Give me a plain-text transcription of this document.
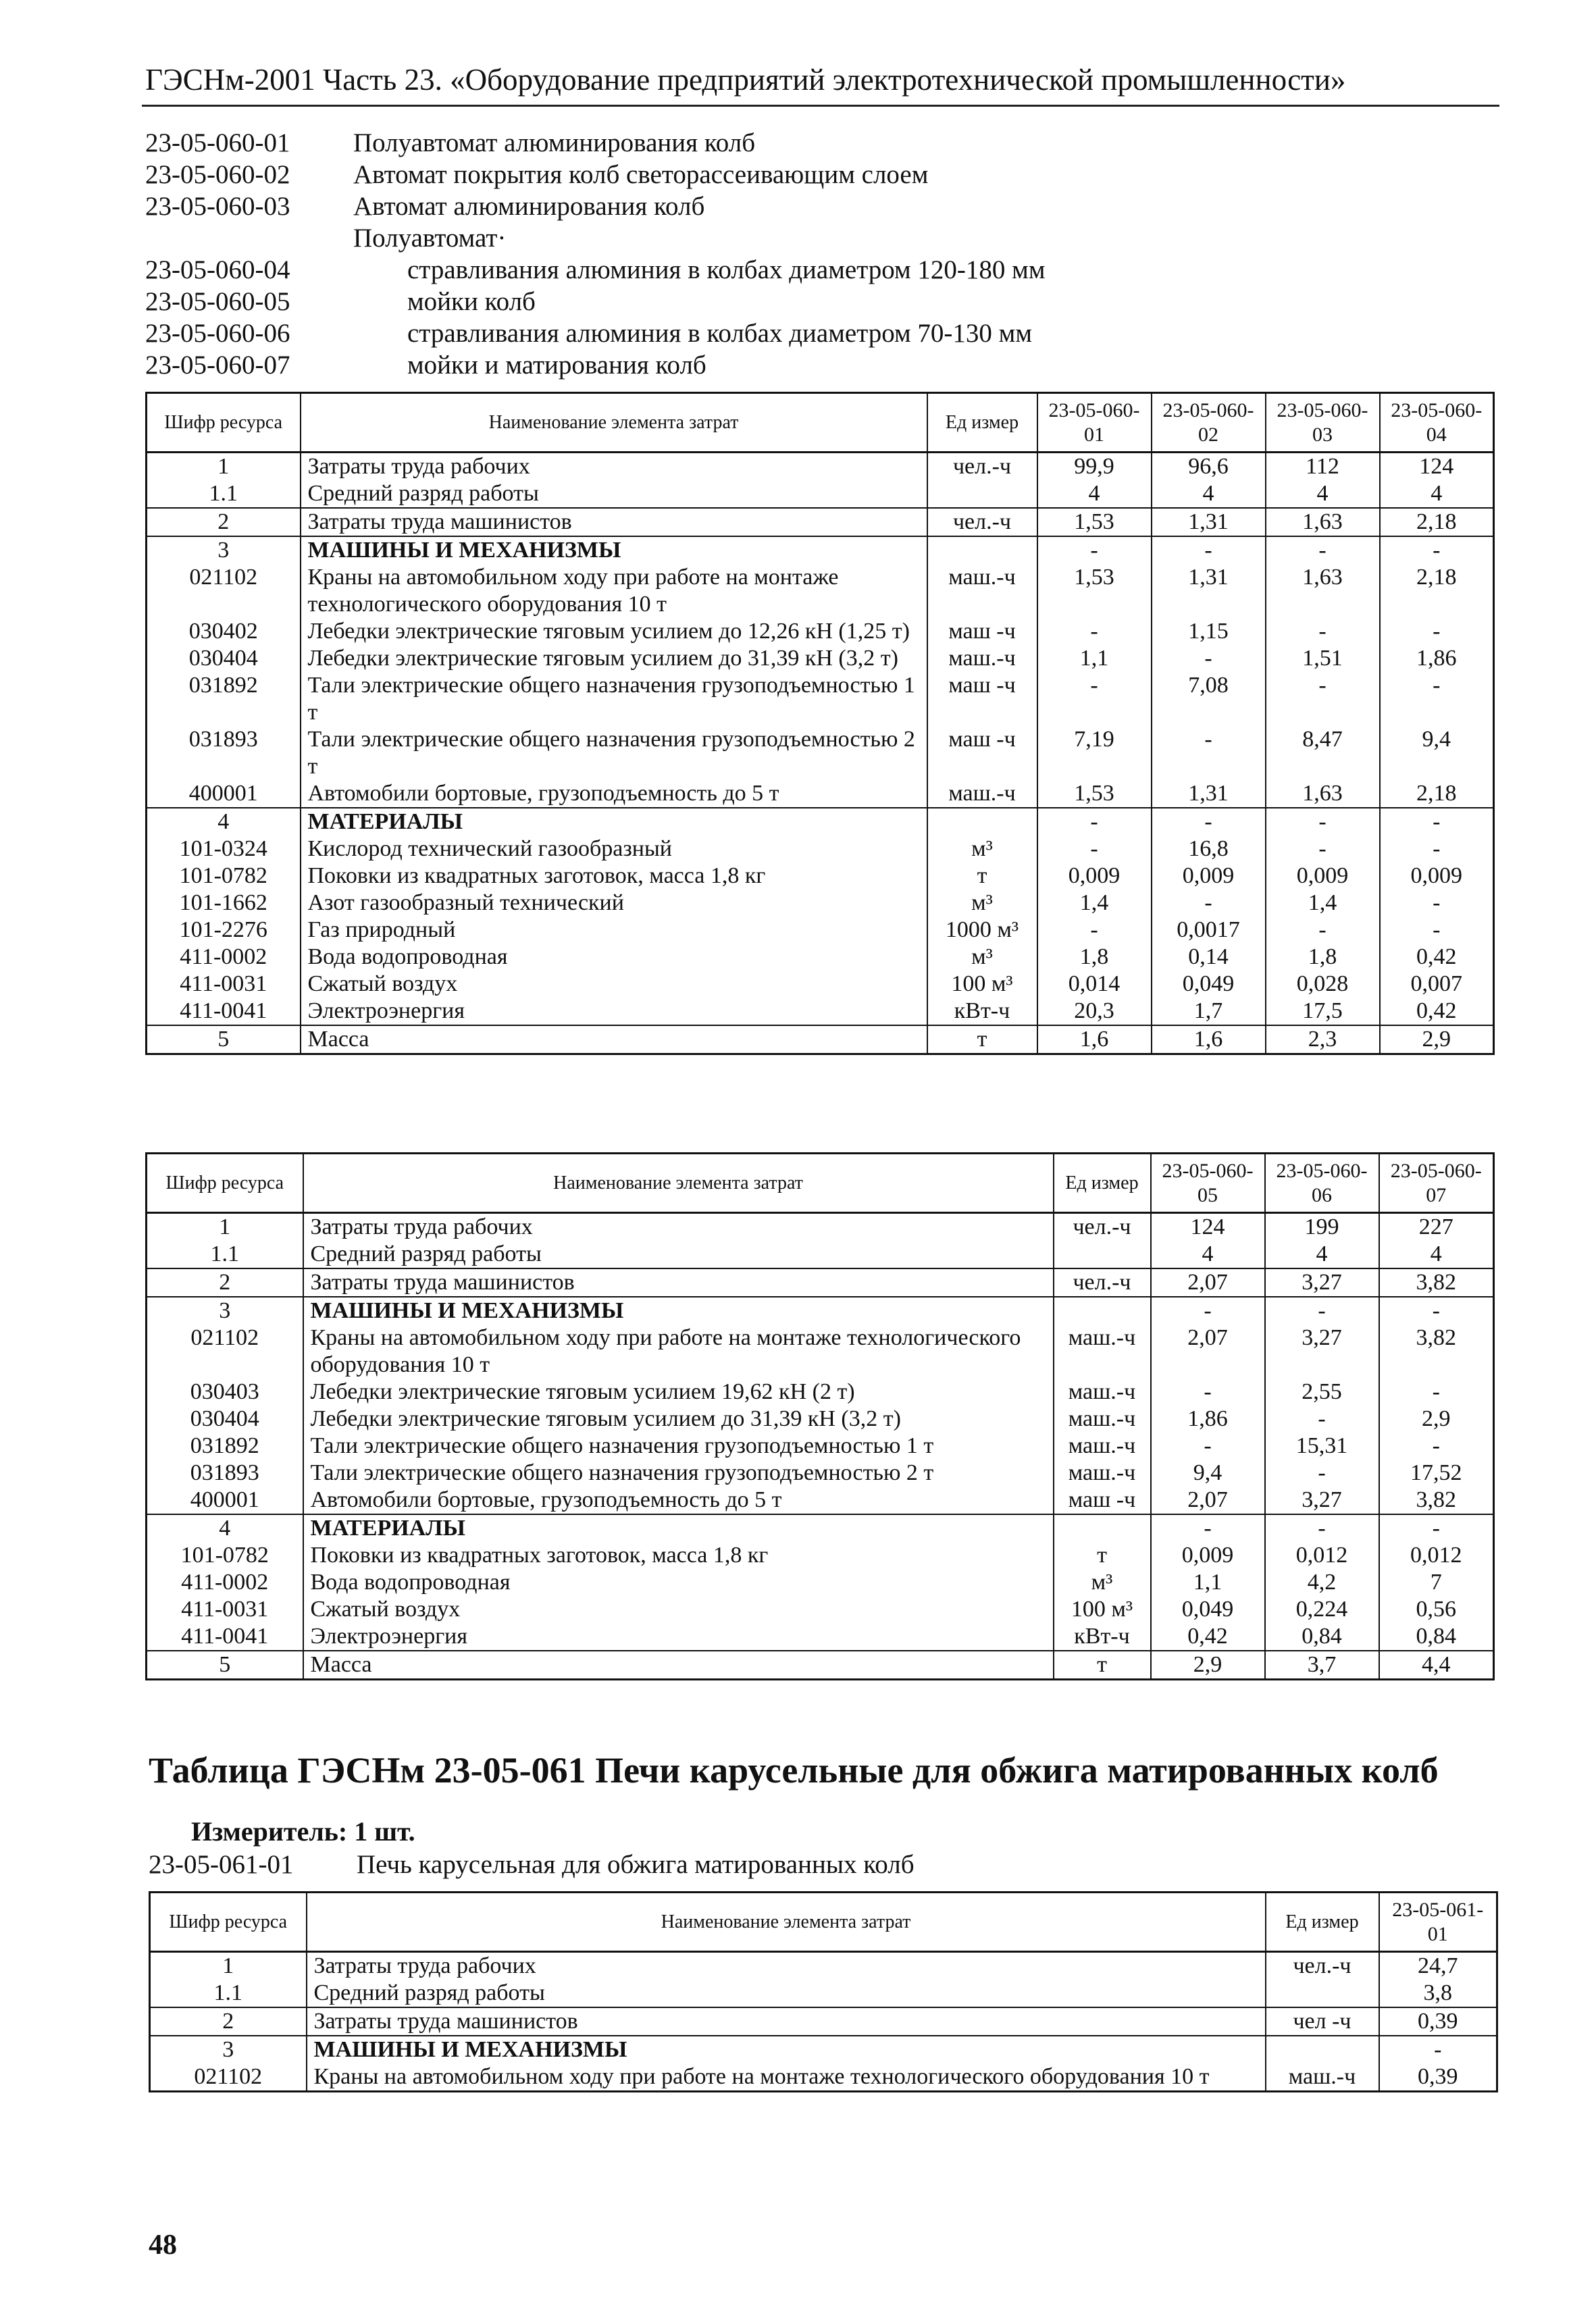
ГЭСНм-2001 Часть 23. «Оборудование предприятий электротехнической промышленности»
23-05-060-01 Полуавтомат алюминирования колб
23-05-060-02 Автомат покрытия колб светорассеивающим слоем
23-05-060-03 Автомат алюминирования колб
Полуавтомат·
23-05-060-04	стравливания алюминия в колбах диаметром 120-180 мм
23-05-060-05	мойки колб
23-05-060-06	стравливания алюминия в колбах диаметром 70-130 мм
23-05-060-07	мойки и матирования колб
Шифр ресурса	Наименование элемента затрат	Ед измер	23-05-060-01	23-05-060-02	23-05-060-03	23-05-060-04
1	Затраты труда рабочих	чел.-ч	99,9	96,6	112	124
1.1	Средний разряд работы		4	4	4	4
2	Затраты труда машинистов	чел.-ч	1,53	1,31	1,63	2,18
3	МАШИНЫ И МЕХАНИЗМЫ		-	-	-	-
021102	Краны на автомобильном ходу при работе на монтаже технологического оборудования 10 т	маш.-ч	1,53	1,31	1,63	2,18
030402	Лебедки электрические тяговым усилием до 12,26 кН (1,25 т)	маш -ч	-	1,15	-	-
030404	Лебедки электрические тяговым усилием до 31,39 кН (3,2 т)	маш.-ч	1,1	-	1,51	1,86
031892	Тали электрические общего назначения грузоподъемностью 1 т	маш -ч	-	7,08	-	-
031893	Тали электрические общего назначения грузоподъемностью 2 т	маш -ч	7,19	-	8,47	9,4
400001	Автомобили бортовые, грузоподъемность до 5 т	маш.-ч	1,53	1,31	1,63	2,18
4	МАТЕРИАЛЫ		-	-	-	-
101-0324	Кислород технический газообразный	м³	-	16,8	-	-
101-0782	Поковки из квадратных заготовок, масса 1,8 кг	т	0,009	0,009	0,009	0,009
101-1662	Азот газообразный технический	м³	1,4	-	1,4	-
101-2276	Газ природный	1000 м³	-	0,0017	-	-
411-0002	Вода водопроводная	м³	1,8	0,14	1,8	0,42
411-0031	Сжатый воздух	100 м³	0,014	0,049	0,028	0,007
411-0041	Электроэнергия	кВт-ч	20,3	1,7	17,5	0,42
5	Масса	т	1,6	1,6	2,3	2,9
Шифр ресурса	Наименование элемента затрат	Ед измер	23-05-060-05	23-05-060-06	23-05-060-07
1	Затраты труда рабочих	чел.-ч	124	199	227
1.1	Средний разряд работы		4	4	4
2	Затраты труда машинистов	чел.-ч	2,07	3,27	3,82
3	МАШИНЫ И МЕХАНИЗМЫ		-	-	-
021102	Краны на автомобильном ходу при работе на монтаже технологического оборудования 10 т	маш.-ч	2,07	3,27	3,82
030403	Лебедки электрические тяговым усилием 19,62 кН (2 т)	маш.-ч	-	2,55	-
030404	Лебедки электрические тяговым усилием до 31,39 кН (3,2 т)	маш.-ч	1,86	-	2,9
031892	Тали электрические общего назначения грузоподъемностью 1 т	маш.-ч	-	15,31	-
031893	Тали электрические общего назначения грузоподъемностью 2 т	маш.-ч	9,4	-	17,52
400001	Автомобили бортовые, грузоподъемность до 5 т	маш -ч	2,07	3,27	3,82
4	МАТЕРИАЛЫ		-	-	-
101-0782	Поковки из квадратных заготовок, масса 1,8 кг	т	0,009	0,012	0,012
411-0002	Вода водопроводная	м³	1,1	4,2	7
411-0031	Сжатый воздух	100 м³	0,049	0,224	0,56
411-0041	Электроэнергия	кВт-ч	0,42	0,84	0,84
5	Масса	т	2,9	3,7	4,4
Таблица ГЭСНм 23-05-061 Печи карусельные для обжига матированных колб
Измеритель: 1 шт.
23-05-061-01 Печь карусельная для обжига матированных колб
Шифр ресурса	Наименование элемента затрат	Ед измер	23-05-061-01
1	Затраты труда рабочих	чел.-ч	24,7
1.1	Средний разряд работы		3,8
2	Затраты труда машинистов	чел -ч	0,39
3	МАШИНЫ И МЕХАНИЗМЫ		-
021102	Краны на автомобильном ходу при работе на монтаже технологического оборудования 10 т	маш.-ч	0,39
48
